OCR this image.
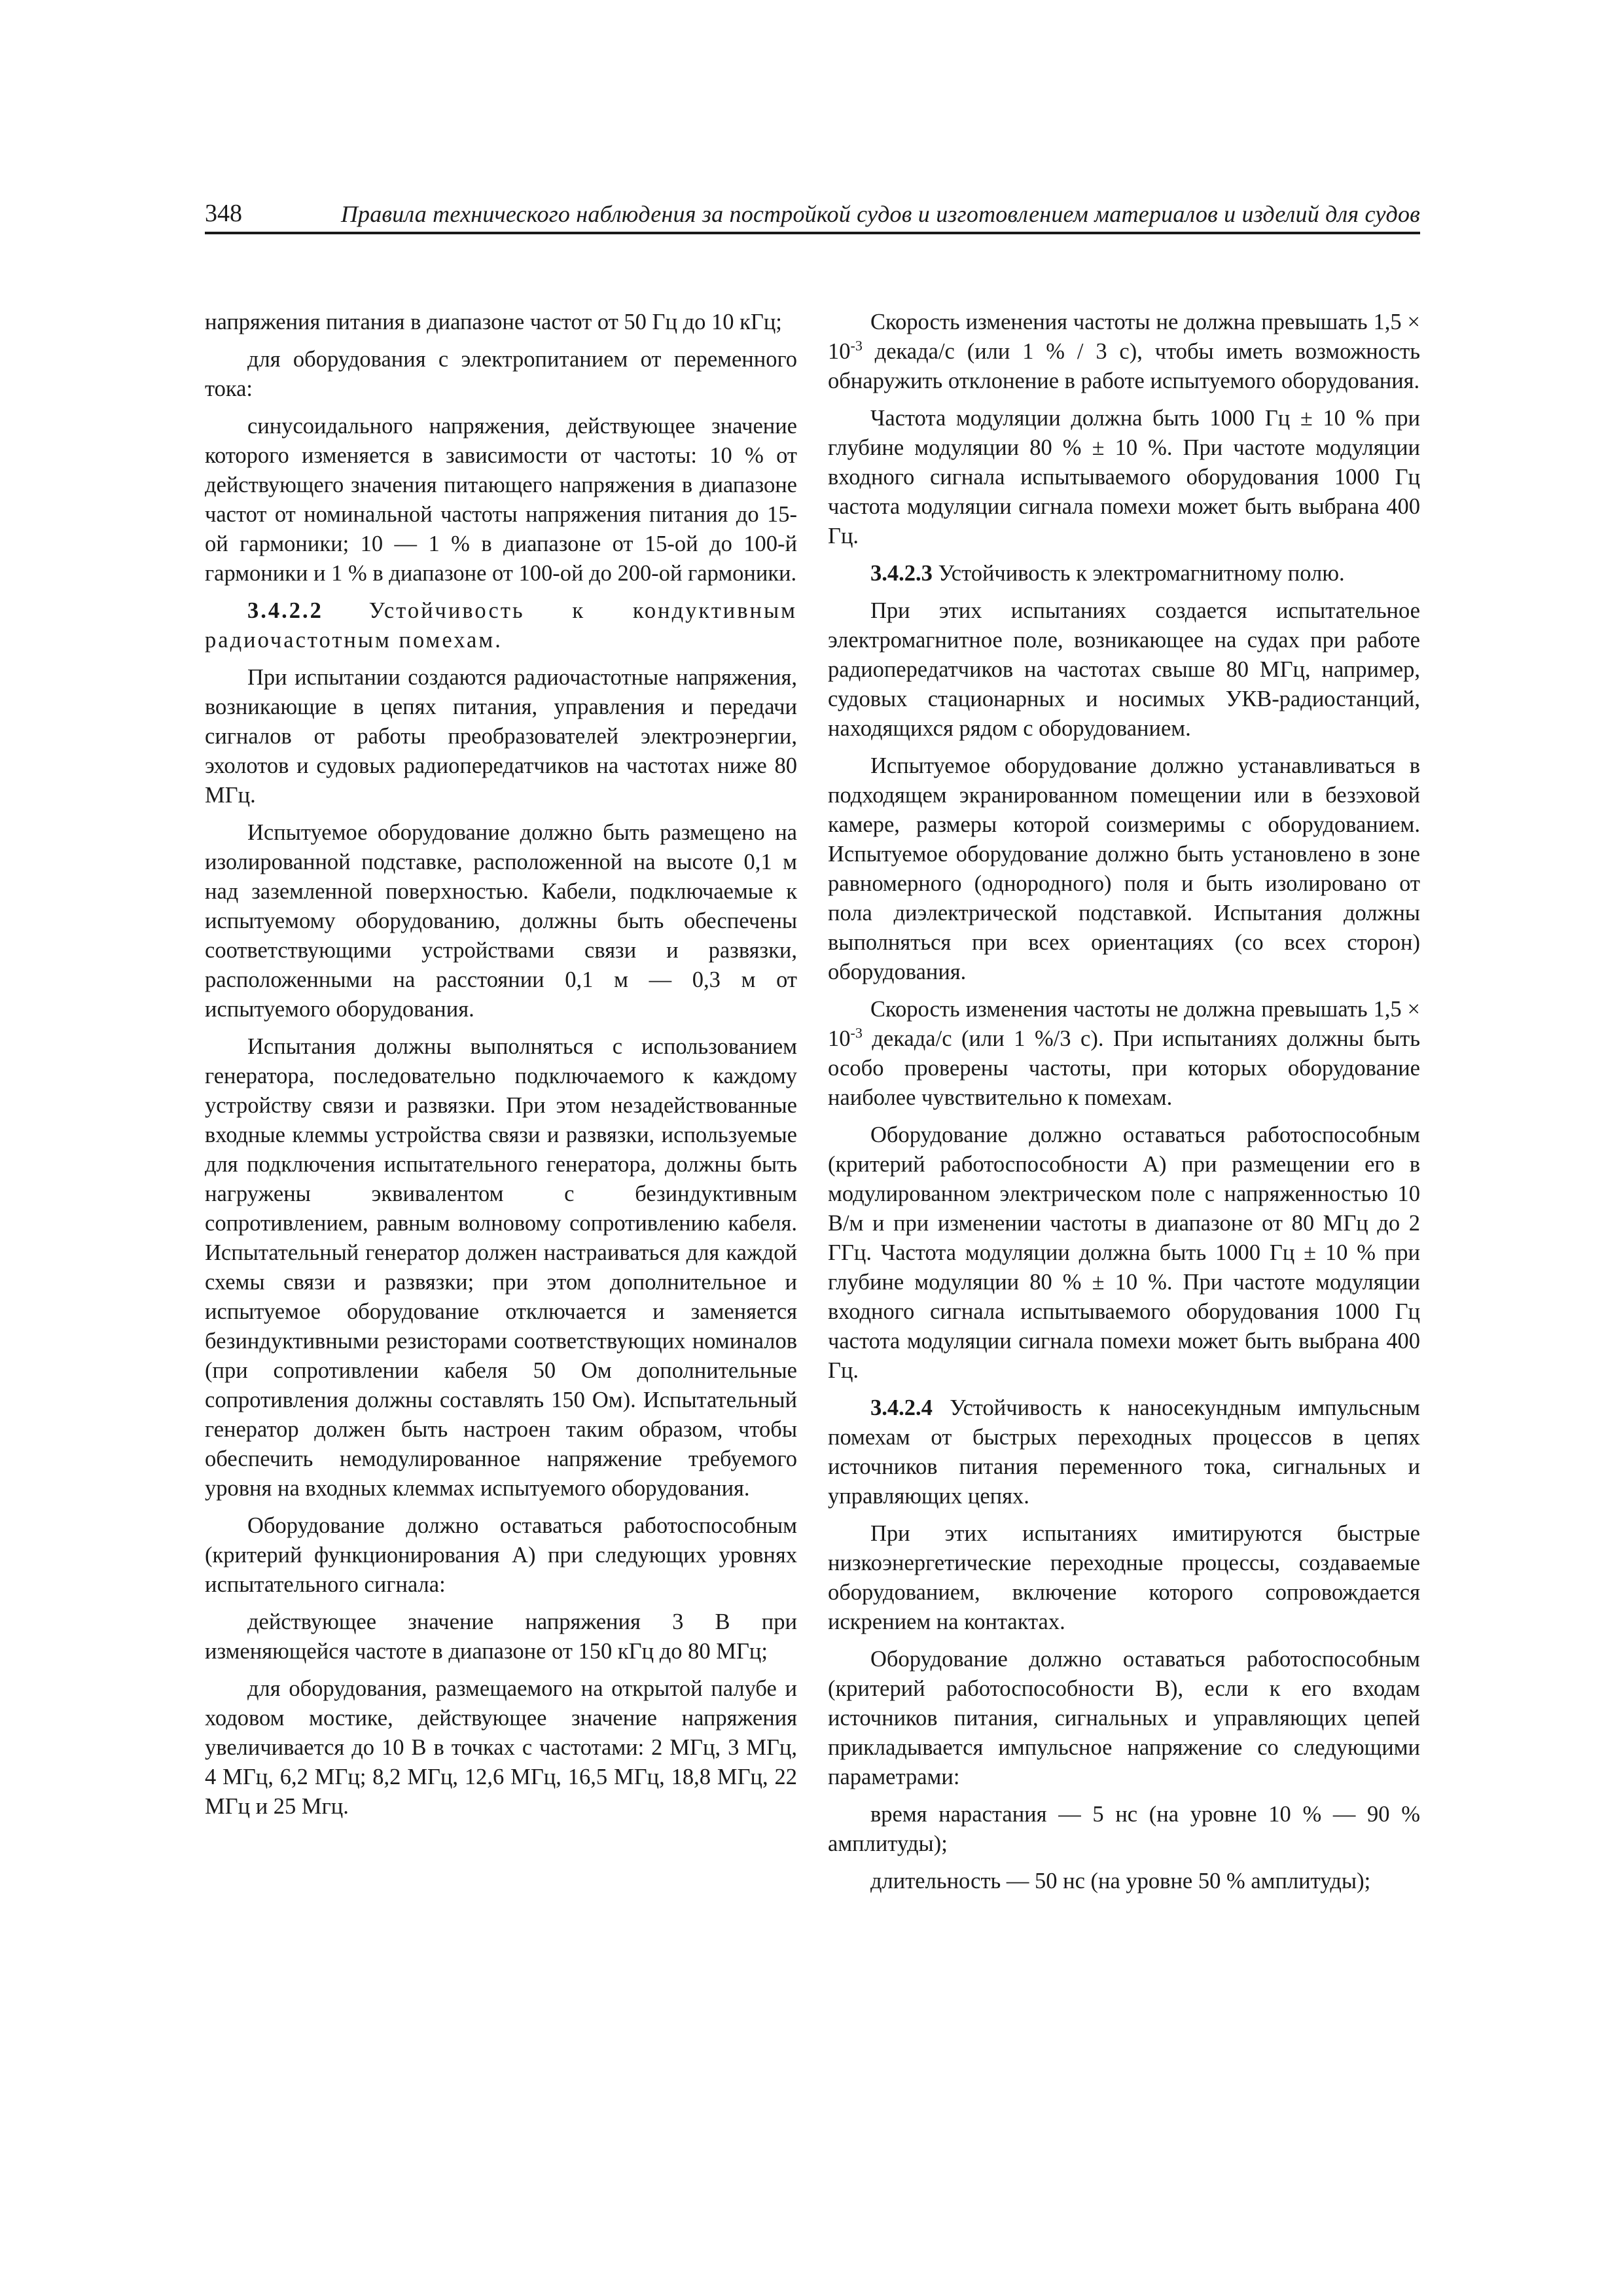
348	Правила технического наблюдения за постройкой судов и изготовлением материалов и изделий для судов

напряжения питания в диапазоне частот от 50 Гц до 10 кГц;

для оборудования с электропитанием от переменного тока:

синусоидального напряжения, действующее значение которого изменяется в зависимости от частоты: 10 % от действующего значения питающего напряжения в диапазоне частот от номинальной частоты напряжения питания до 15-ой гармоники; 10 — 1 % в диапазоне от 15-ой до 100-й гармоники и 1 % в диапазоне от 100-ой до 200-ой гармоники.

3.4.2.2 Устойчивость к кондуктивным радиочастотным помехам.

При испытании создаются радиочастотные напряжения, возникающие в цепях питания, управления и передачи сигналов от работы преобразователей электроэнергии, эхолотов и судовых радиопередатчиков на частотах ниже 80 МГц.

Испытуемое оборудование должно быть размещено на изолированной подставке, расположенной на высоте 0,1 м над заземленной поверхностью. Кабели, подключаемые к испытуемому оборудованию, должны быть обеспечены соответствующими устройствами связи и развязки, расположенными на расстоянии 0,1 м — 0,3 м от испытуемого оборудования.

Испытания должны выполняться с использованием генератора, последовательно подключаемого к каждому устройству связи и развязки. При этом незадействованные входные клеммы устройства связи и развязки, используемые для подключения испытательного генератора, должны быть нагружены эквивалентом с безиндуктивным сопротивлением, равным волновому сопротивлению кабеля. Испытательный генератор должен настраиваться для каждой схемы связи и развязки; при этом дополнительное и испытуемое оборудование отключается и заменяется безиндуктивными резисторами соответствующих номиналов (при сопротивлении кабеля 50 Ом дополнительные сопротивления должны составлять 150 Ом). Испытательный генератор должен быть настроен таким образом, чтобы обеспечить немодулированное напряжение требуемого уровня на входных клеммах испытуемого оборудования.

Оборудование должно оставаться работоспособным (критерий функционирования А) при следующих уровнях испытательного сигнала:

действующее значение напряжения 3 В при изменяющейся частоте в диапазоне от 150 кГц до 80 МГц;

для оборудования, размещаемого на открытой палубе и ходовом мостике, действующее значение напряжения увеличивается до 10 В в точках с частотами: 2 МГц, 3 МГц, 4 МГц, 6,2 МГц; 8,2 МГц, 12,6 МГц, 16,5 МГц, 18,8 МГц, 22 МГц и 25 Мгц.

Скорость изменения частоты не должна превышать $1,5 \times 10^{-3}$ декада/с (или 1 % / 3 с), чтобы иметь возможность обнаружить отклонение в работе испытуемого оборудования.

Частота модуляции должна быть 1000 Гц ± 10 % при глубине модуляции 80 % ± 10 %. При частоте модуляции входного сигнала испытываемого оборудования 1000 Гц частота модуляции сигнала помехи может быть выбрана 400 Гц.

3.4.2.3 Устойчивость к электромагнитному полю.

При этих испытаниях создается испытательное электромагнитное поле, возникающее на судах при работе радиопередатчиков на частотах свыше 80 МГц, например, судовых стационарных и носимых УКВ-радиостанций, находящихся рядом с оборудованием.

Испытуемое оборудование должно устанавливаться в подходящем экранированном помещении или в безэховой камере, размеры которой соизмеримы с оборудованием. Испытуемое оборудование должно быть установлено в зоне равномерного (однородного) поля и быть изолировано от пола диэлектрической подставкой. Испытания должны выполняться при всех ориентациях (со всех сторон) оборудования.

Скорость изменения частоты не должна превышать $1,5 \times 10^{-3}$ декада/с (или 1 %/3 с). При испытаниях должны быть особо проверены частоты, при которых оборудование наиболее чувствительно к помехам.

Оборудование должно оставаться работоспособным (критерий работоспособности А) при размещении его в модулированном электрическом поле с напряженностью 10 В/м и при изменении частоты в диапазоне от 80 МГц до 2 ГГц. Частота модуляции должна быть 1000 Гц ± 10 % при глубине модуляции 80 % ± 10 %. При частоте модуляции входного сигнала испытываемого оборудования 1000 Гц частота модуляции сигнала помехи может быть выбрана 400 Гц.

3.4.2.4 Устойчивость к наносекундным импульсным помехам от быстрых переходных процессов в цепях источников питания переменного тока, сигнальных и управляющих цепях.

При этих испытаниях имитируются быстрые низкоэнергетические переходные процессы, создаваемые оборудованием, включение которого сопровождается искрением на контактах.

Оборудование должно оставаться работоспособным (критерий работоспособности В), если к его входам источников питания, сигнальных и управляющих цепей прикладывается импульсное напряжение со следующими параметрами:

время нарастания — 5 нс (на уровне 10 % — 90 % амплитуды);

длительность — 50 нс (на уровне 50 % амплитуды);
